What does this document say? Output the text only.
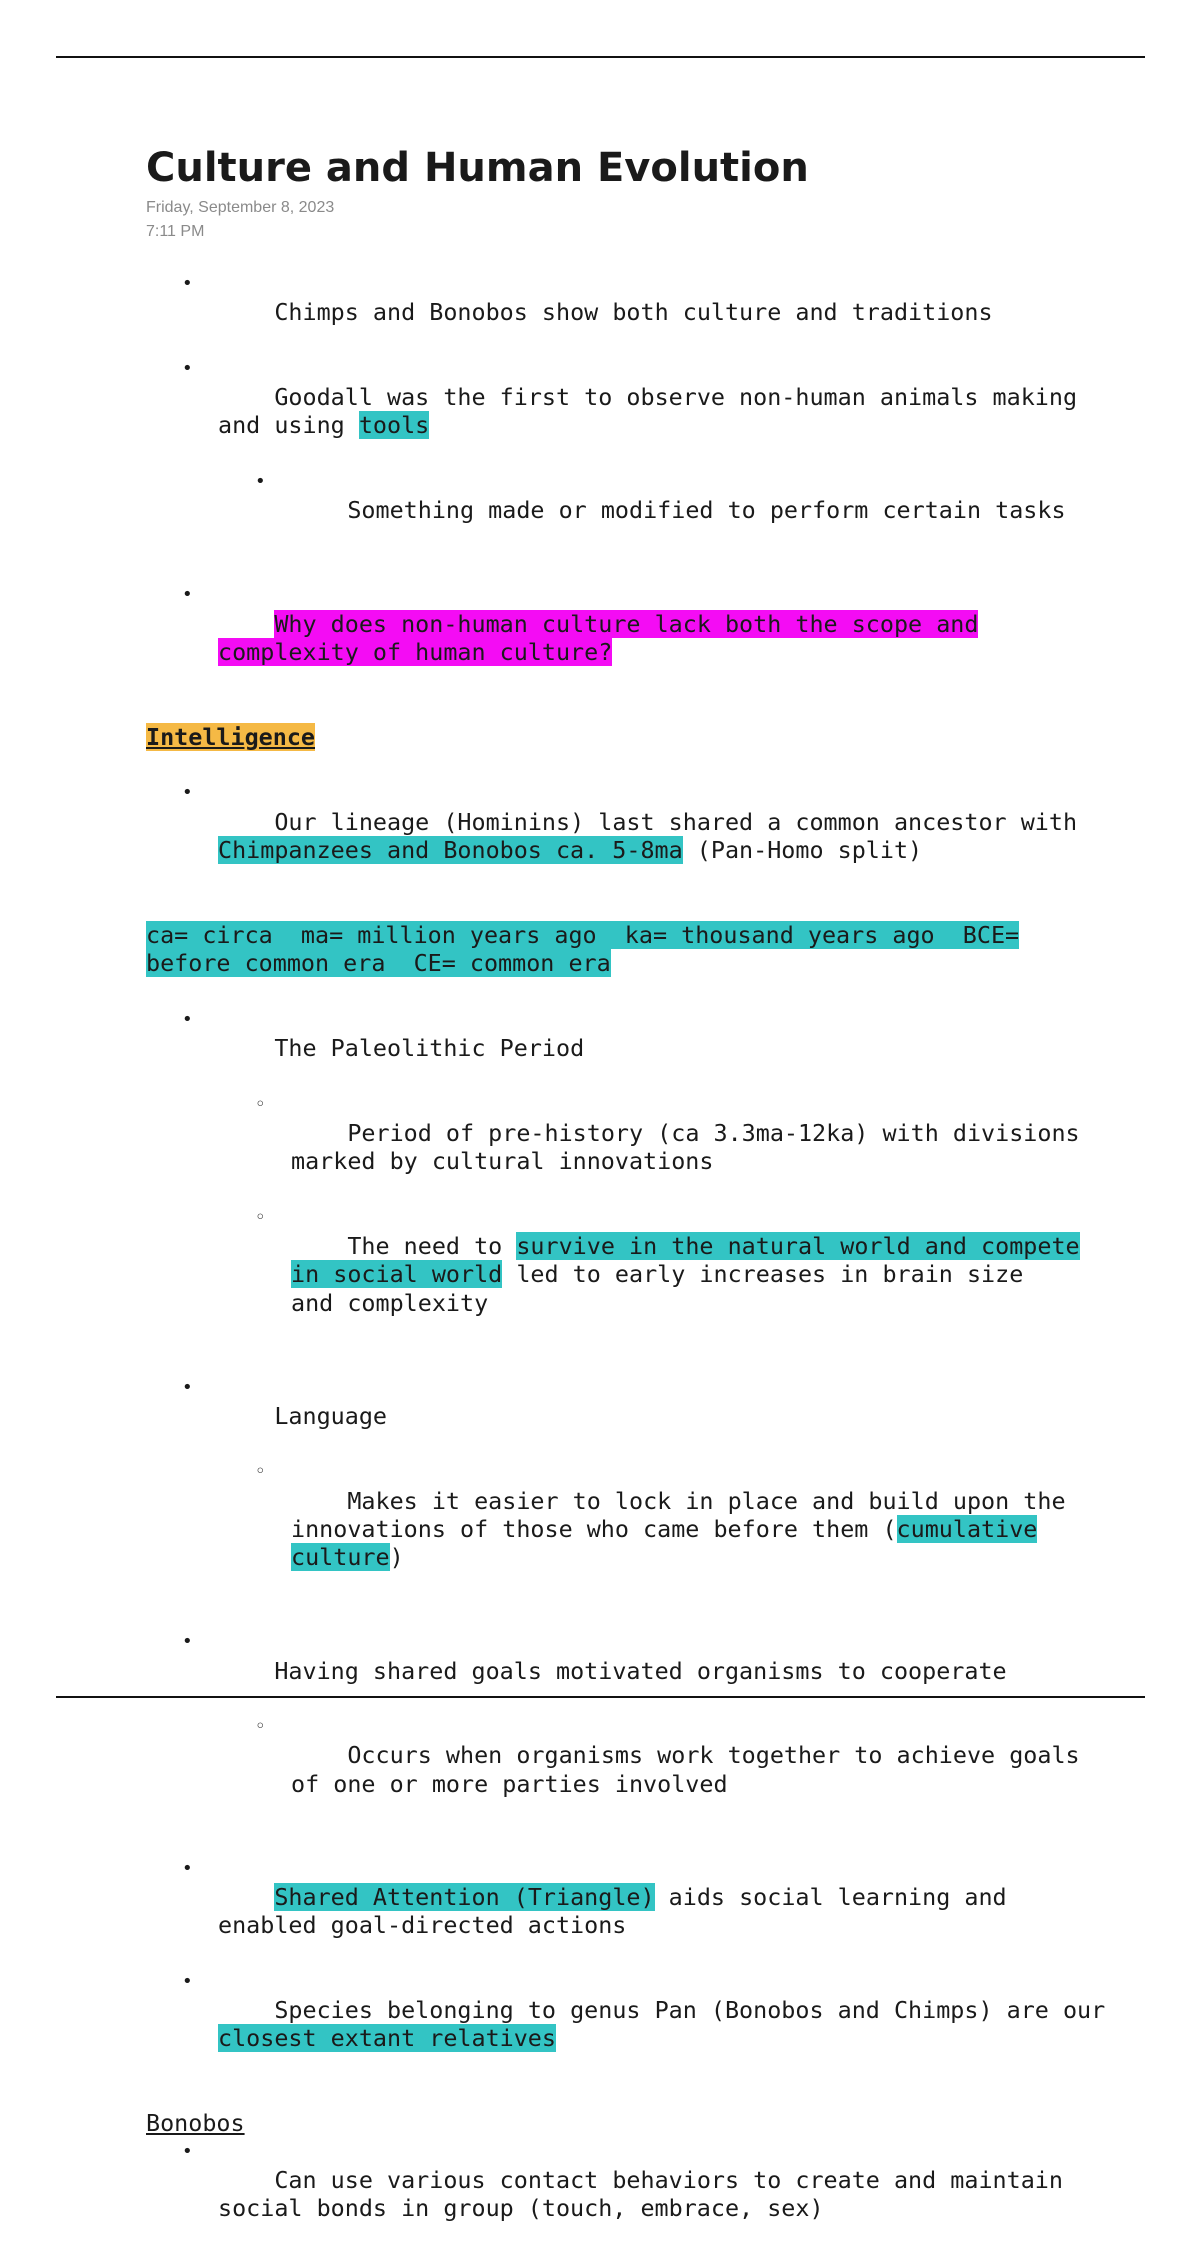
Culture and Human Evolution
Friday, September 8, 2023
7:11 PM

•
Chimps and Bonobos show both culture and traditions

•
Goodall was the first to observe non-human animals making
and using tools

•
Something made or modified to perform certain tasks

•
Why does non-human culture lack both the scope and
complexity of human culture?

Intelligence

•
Our lineage (Hominins) last shared a common ancestor with
Chimpanzees and Bonobos ca. 5-8ma (Pan-Homo split)

ca= circa  ma= million years ago  ka= thousand years ago  BCE=
before common era  CE= common era

•
The Paleolithic Period

◦
Period of pre-history (ca 3.3ma-12ka) with divisions
marked by cultural innovations

◦
The need to survive in the natural world and compete
in social world led to early increases in brain size
and complexity

•
Language

◦
Makes it easier to lock in place and build upon the
innovations of those who came before them (cumulative
culture)

•
Having shared goals motivated organisms to cooperate

◦
Occurs when organisms work together to achieve goals
of one or more parties involved

•
Shared Attention (Triangle) aids social learning and
enabled goal-directed actions

•
Species belonging to genus Pan (Bonobos and Chimps) are our
closest extant relatives

Bonobos

•
Can use various contact behaviors to create and maintain
social bonds in group (touch, embrace, sex)
